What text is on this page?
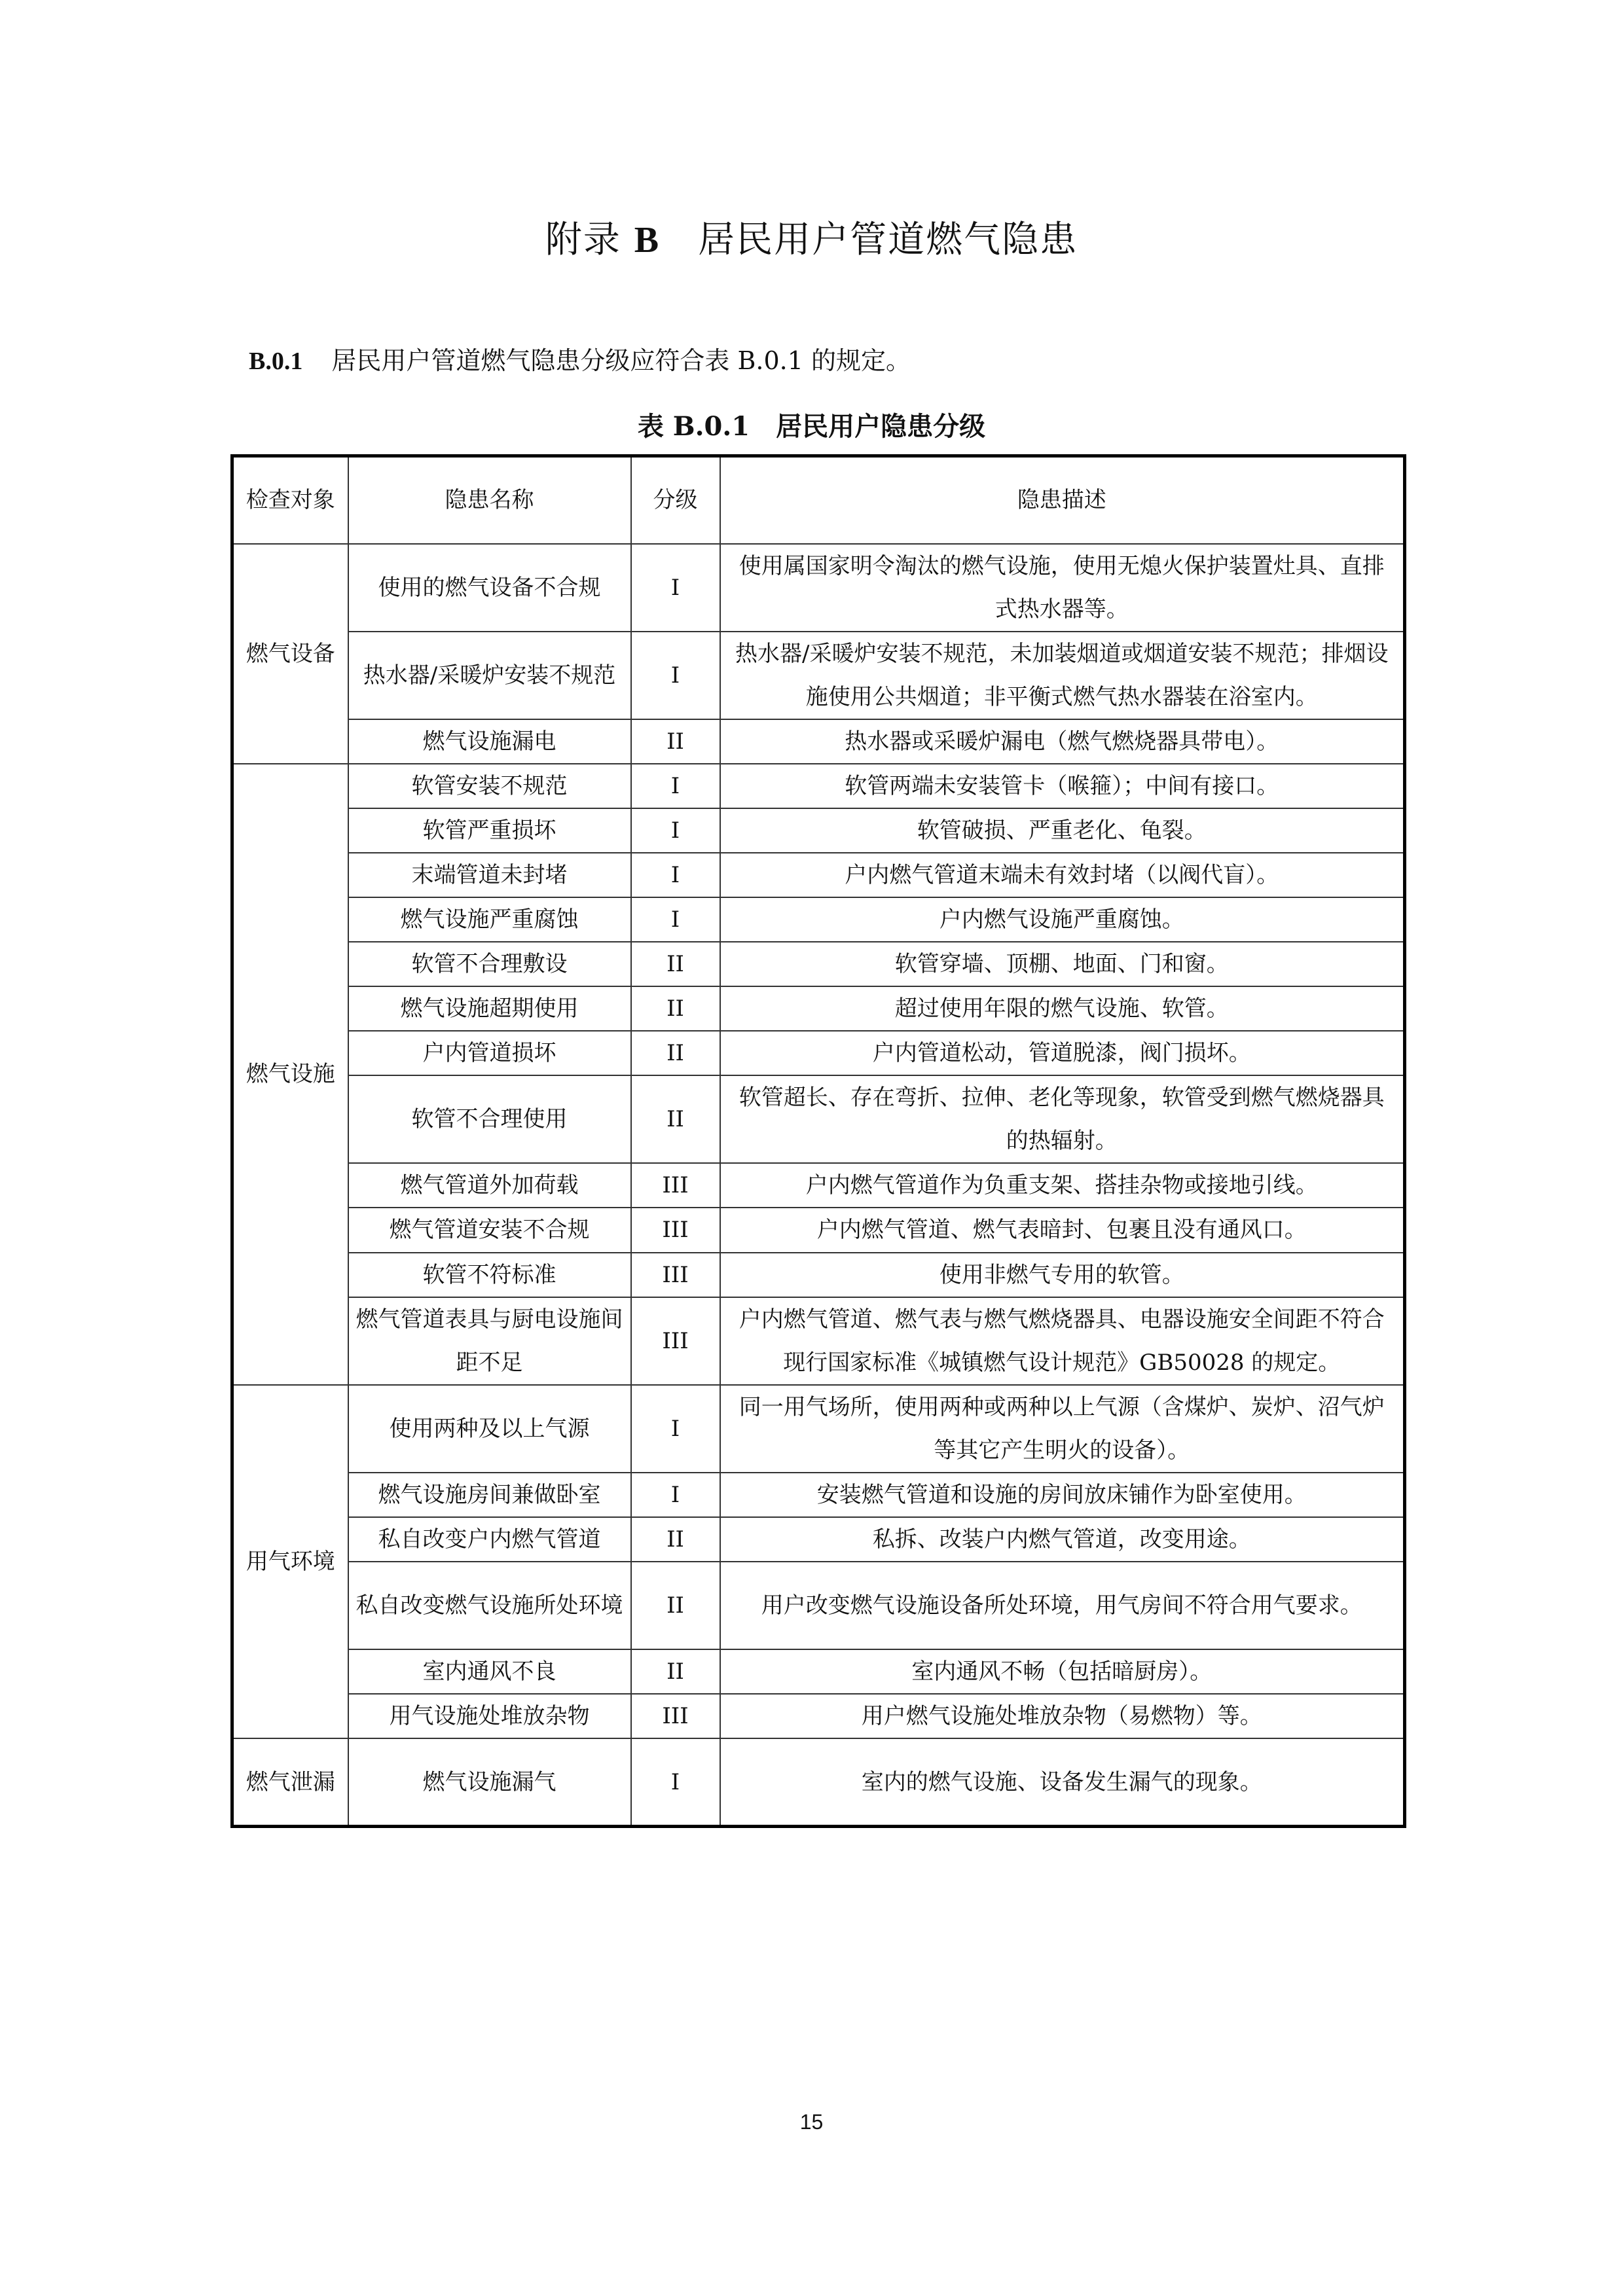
附录 B　 居民用户管道燃气隐患
B.0.1 居民用户管道燃气隐患分级应符合表 B.0.1 的规定。
表 B.0.1　居民用户隐患分级
检查对象	隐患名称	分级	隐患描述
燃气设备	使用的燃气设备不合规	I	使用属国家明令淘汰的燃气设施，使用无熄火保护装置灶具、直排式热水器等。
	热水器/采暖炉安装不规范	I	热水器/采暖炉安装不规范，未加装烟道或烟道安装不规范；排烟设施使用公共烟道；非平衡式燃气热水器装在浴室内。
	燃气设施漏电	II	热水器或采暖炉漏电（燃气燃烧器具带电）。
燃气设施	软管安装不规范	I	软管两端未安装管卡（喉箍）；中间有接口。
	软管严重损坏	I	软管破损、严重老化、龟裂。
	末端管道未封堵	I	户内燃气管道末端未有效封堵（以阀代盲）。
	燃气设施严重腐蚀	I	户内燃气设施严重腐蚀。
	软管不合理敷设	II	软管穿墙、顶棚、地面、门和窗。
	燃气设施超期使用	II	超过使用年限的燃气设施、软管。
	户内管道损坏	II	户内管道松动，管道脱漆，阀门损坏。
	软管不合理使用	II	软管超长、存在弯折、拉伸、老化等现象，软管受到燃气燃烧器具的热辐射。
	燃气管道外加荷载	III	户内燃气管道作为负重支架、搭挂杂物或接地引线。
	燃气管道安装不合规	III	户内燃气管道、燃气表暗封、包裹且没有通风口。
	软管不符标准	III	使用非燃气专用的软管。
	燃气管道表具与厨电设施间距不足	III	户内燃气管道、燃气表与燃气燃烧器具、电器设施安全间距不符合现行国家标准《城镇燃气设计规范》GB50028 的规定。
用气环境	使用两种及以上气源	I	同一用气场所，使用两种或两种以上气源（含煤炉、炭炉、沼气炉等其它产生明火的设备）。
	燃气设施房间兼做卧室	I	安装燃气管道和设施的房间放床铺作为卧室使用。
	私自改变户内燃气管道	II	私拆、改装户内燃气管道，改变用途。
	私自改变燃气设施所处环境	II	用户改变燃气设施设备所处环境，用气房间不符合用气要求。
	室内通风不良	II	室内通风不畅（包括暗厨房）。
	用气设施处堆放杂物	III	用户燃气设施处堆放杂物（易燃物）等。
燃气泄漏	燃气设施漏气	I	室内的燃气设施、设备发生漏气的现象。
15
